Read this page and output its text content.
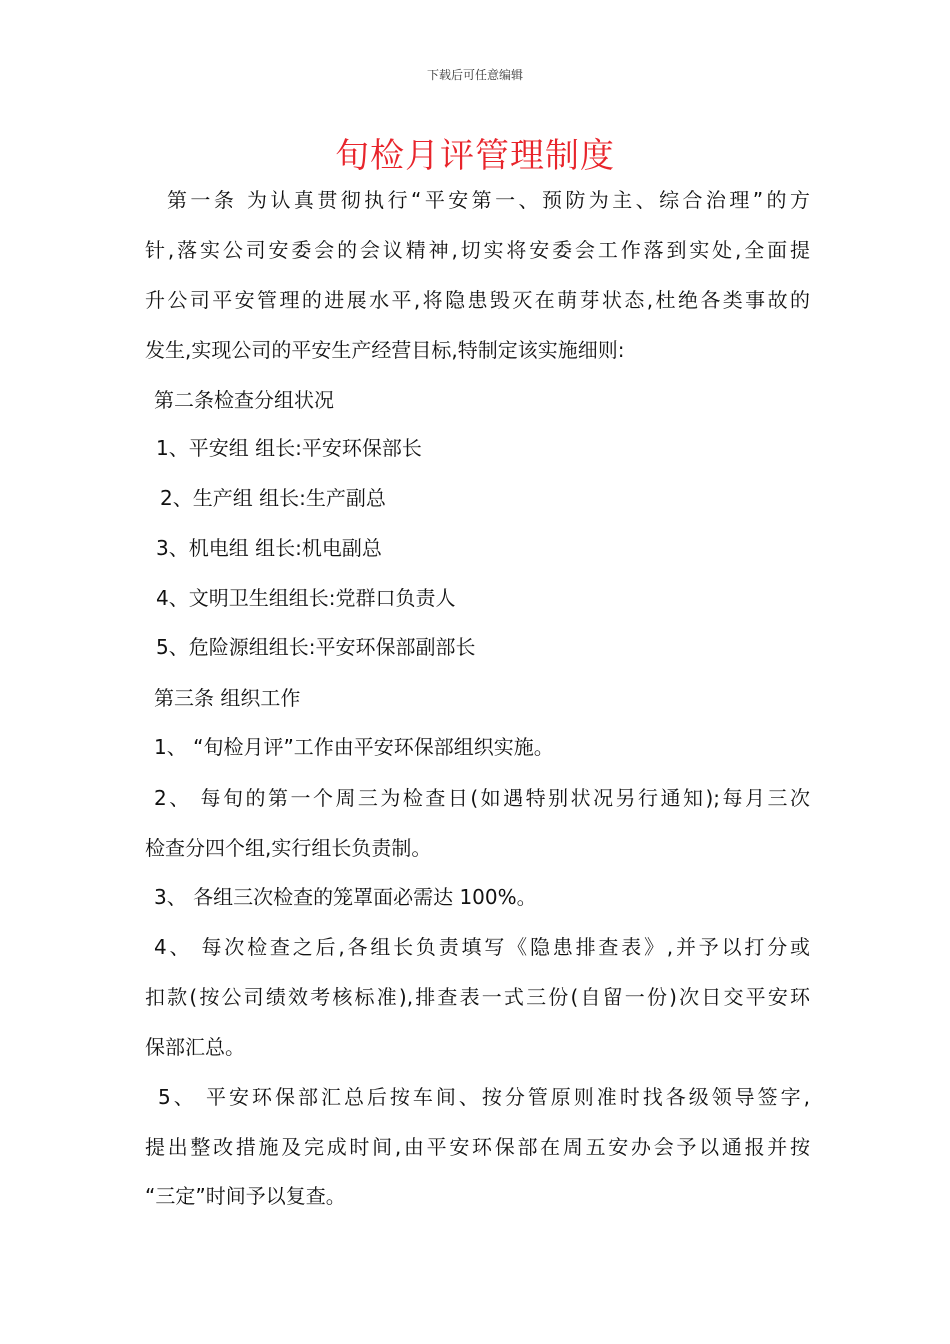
下载后可任意编辑
旬检月评管理制度
第一条 为认真贯彻执行“平安第一、预防为主、综合治理”的方
针,落实公司安委会的会议精神,切实将安委会工作落到实处,全面提
升公司平安管理的进展水平,将隐患毁灭在萌芽状态,杜绝各类事故的
发生,实现公司的平安生产经营目标,特制定该实施细则:
第二条检查分组状况
1、平安组 组长:平安环保部长
2、生产组 组长:生产副总
3、机电组 组长:机电副总
4、文明卫生组组长:党群口负责人
5、危险源组组长:平安环保部副部长
第三条 组织工作
1、 “旬检月评”工作由平安环保部组织实施。
2、 每旬的第一个周三为检查日(如遇特别状况另行通知);每月三次
检查分四个组,实行组长负责制。
3、 各组三次检查的笼罩面必需达 100%。
4、 每次检查之后,各组长负责填写《隐患排查表》,并予以打分或
扣款(按公司绩效考核标准),排查表一式三份(自留一份)次日交平安环
保部汇总。
5、 平安环保部汇总后按车间、按分管原则准时找各级领导签字,
提出整改措施及完成时间,由平安环保部在周五安办会予以通报并按
“三定”时间予以复查。
